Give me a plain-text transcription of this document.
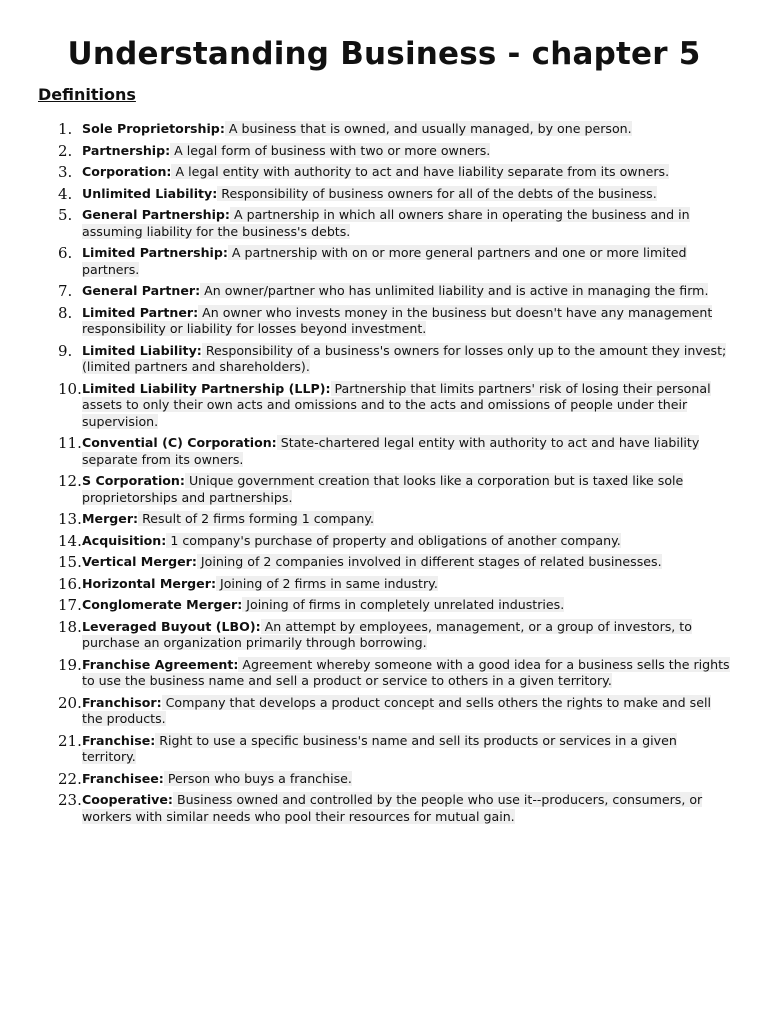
Understanding Business - chapter 5
Definitions
1. Sole Proprietorship: A business that is owned, and usually managed, by one person.
2. Partnership: A legal form of business with two or more owners.
3. Corporation: A legal entity with authority to act and have liability separate from its owners.
4. Unlimited Liability: Responsibility of business owners for all of the debts of the business.
5. General Partnership: A partnership in which all owners share in operating the business and in assuming liability for the business's debts.
6. Limited Partnership: A partnership with on or more general partners and one or more limited partners.
7. General Partner: An owner/partner who has unlimited liability and is active in managing the firm.
8. Limited Partner: An owner who invests money in the business but doesn't have any management responsibility or liability for losses beyond investment.
9. Limited Liability: Responsibility of a business's owners for losses only up to the amount they invest; (limited partners and shareholders).
10. Limited Liability Partnership (LLP): Partnership that limits partners' risk of losing their personal assets to only their own acts and omissions and to the acts and omissions of people under their supervision.
11. Convential (C) Corporation: State-chartered legal entity with authority to act and have liability separate from its owners.
12. S Corporation: Unique government creation that looks like a corporation but is taxed like sole proprietorships and partnerships.
13. Merger: Result of 2 firms forming 1 company.
14. Acquisition: 1 company's purchase of property and obligations of another company.
15. Vertical Merger: Joining of 2 companies involved in different stages of related businesses.
16. Horizontal Merger: Joining of 2 firms in same industry.
17. Conglomerate Merger: Joining of firms in completely unrelated industries.
18. Leveraged Buyout (LBO): An attempt by employees, management, or a group of investors, to purchase an organization primarily through borrowing.
19. Franchise Agreement: Agreement whereby someone with a good idea for a business sells the rights to use the business name and sell a product or service to others in a given territory.
20. Franchisor: Company that develops a product concept and sells others the rights to make and sell the products.
21. Franchise: Right to use a specific business's name and sell its products or services in a given territory.
22. Franchisee: Person who buys a franchise.
23. Cooperative: Business owned and controlled by the people who use it--producers, consumers, or workers with similar needs who pool their resources for mutual gain.
